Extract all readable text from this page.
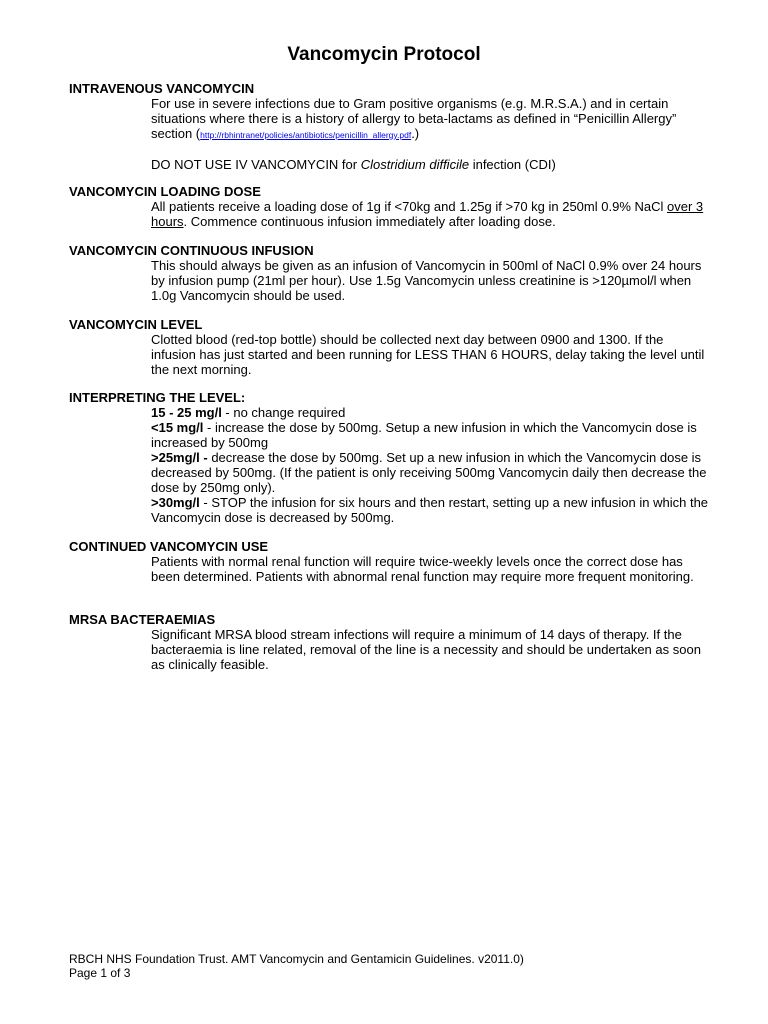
Vancomycin Protocol

INTRAVENOUS VANCOMYCIN

For use in severe infections due to Gram positive organisms (e.g. M.R.S.A.) and in certain situations where there is a history of allergy to beta-lactams as defined in “Penicillin Allergy” section (http://rbhintranet/policies/antibiotics/penicillin_allergy.pdf.)

DO NOT USE IV VANCOMYCIN for Clostridium difficile infection (CDI)

VANCOMYCIN LOADING DOSE

All patients receive a loading dose of 1g if <70kg and 1.25g if >70 kg in 250ml 0.9% NaCl over 3 hours. Commence continuous infusion immediately after loading dose.

VANCOMYCIN CONTINUOUS INFUSION

This should always be given as an infusion of Vancomycin in 500ml of NaCl 0.9% over 24 hours by infusion pump (21ml per hour). Use 1.5g Vancomycin unless creatinine is >120µmol/l when 1.0g Vancomycin should be used.

VANCOMYCIN LEVEL

Clotted blood (red-top bottle) should be collected next day between 0900 and 1300. If the infusion has just started and been running for LESS THAN 6 HOURS, delay taking the level until the next morning.

INTERPRETING THE LEVEL:

15 - 25 mg/l - no change required

<15 mg/l - increase the dose by 500mg. Setup a new infusion in which the Vancomycin dose is increased by 500mg

>25mg/l - decrease the dose by 500mg. Set up a new infusion in which the Vancomycin dose is decreased by 500mg. (If the patient is only receiving 500mg Vancomycin daily then decrease the dose by 250mg only).

>30mg/l - STOP the infusion for six hours and then restart, setting up a new infusion in which the Vancomycin dose is decreased by 500mg.

CONTINUED VANCOMYCIN USE

Patients with normal renal function will require twice-weekly levels once the correct dose has been determined. Patients with abnormal renal function may require more frequent monitoring.

MRSA BACTERAEMIAS

Significant MRSA blood stream infections will require a minimum of 14 days of therapy. If the bacteraemia is line related, removal of the line is a necessity and should be undertaken as soon as clinically feasible.

RBCH NHS Foundation Trust. AMT Vancomycin and Gentamicin Guidelines. v2011.0)
Page 1 of 3
